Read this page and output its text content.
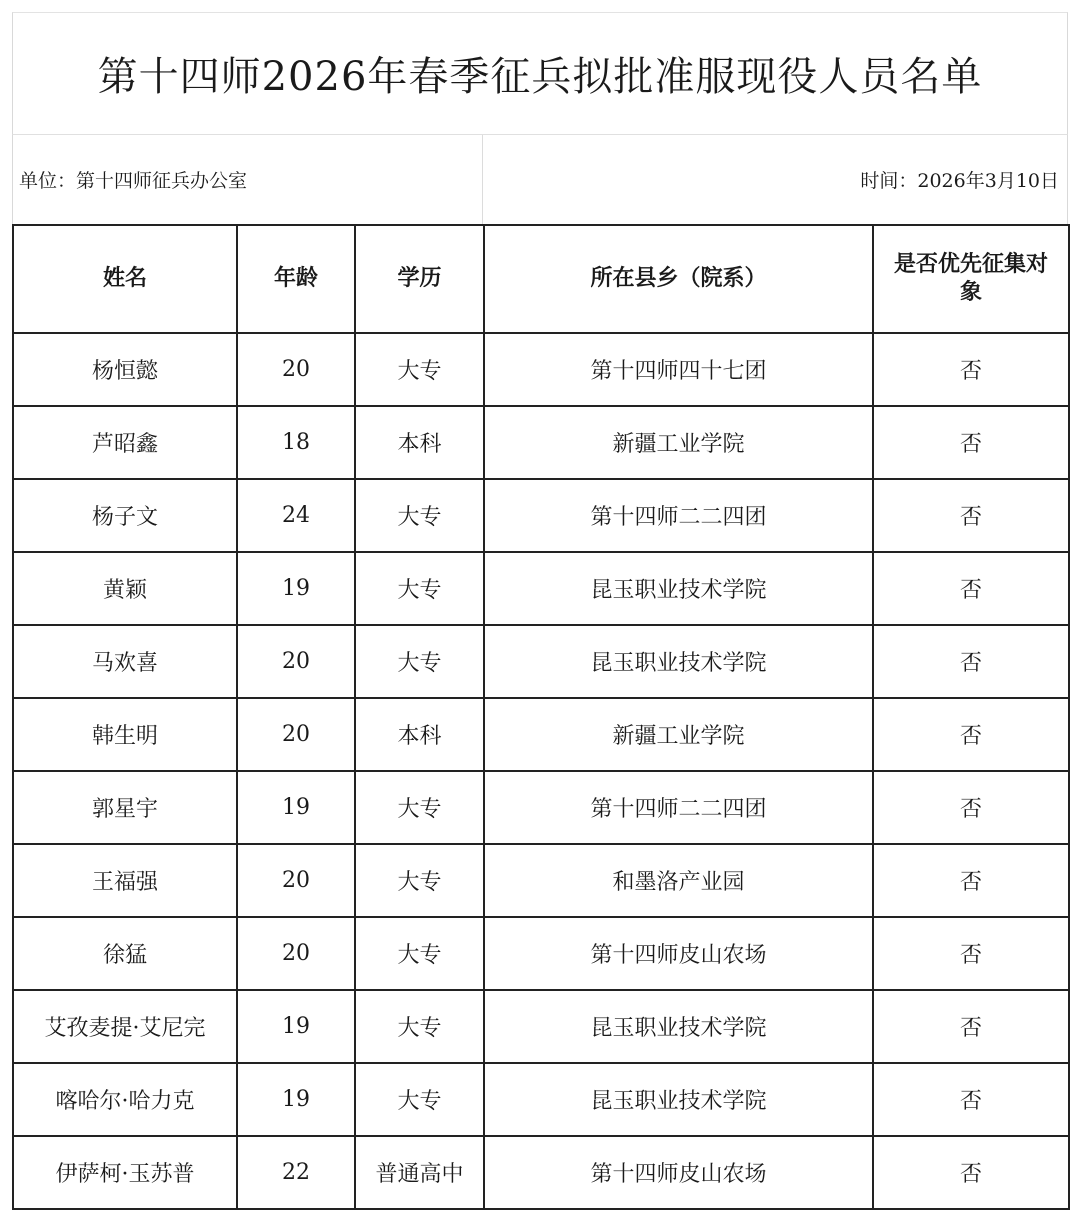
第十四师2026年春季征兵拟批准服现役人员名单
单位：第十四师征兵办公室	时间：2026年3月10日
姓名	年龄	学历	所在县乡（院系）	是否优先征集对象
杨恒懿	20	大专	第十四师四十七团	否
芦昭鑫	18	本科	新疆工业学院	否
杨子文	24	大专	第十四师二二四团	否
黄颖	19	大专	昆玉职业技术学院	否
马欢喜	20	大专	昆玉职业技术学院	否
韩生明	20	本科	新疆工业学院	否
郭星宇	19	大专	第十四师二二四团	否
王福强	20	大专	和墨洛产业园	否
徐猛	20	大专	第十四师皮山农场	否
艾孜麦提·艾尼完	19	大专	昆玉职业技术学院	否
喀哈尔·哈力克	19	大专	昆玉职业技术学院	否
伊萨柯·玉苏普	22	普通高中	第十四师皮山农场	否
